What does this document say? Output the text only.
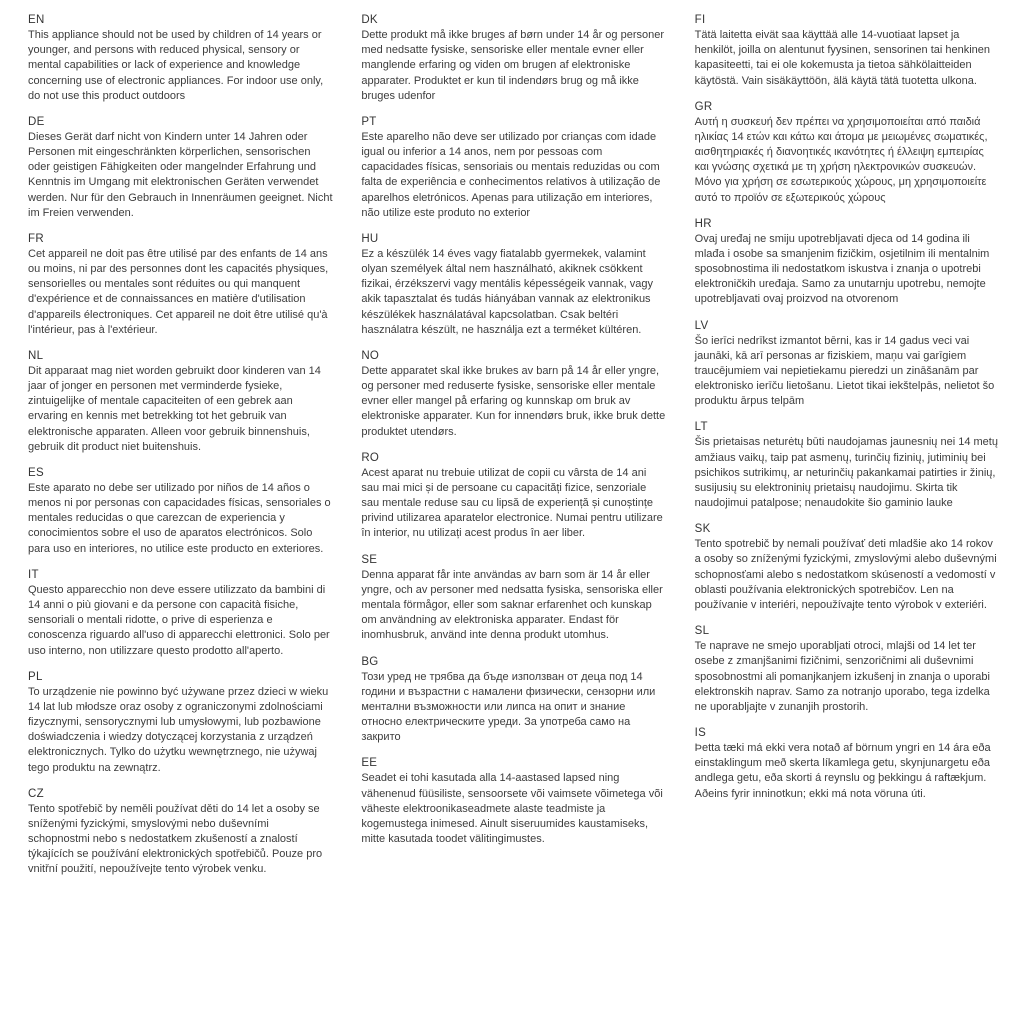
EN

This appliance should not be used by children of 14 years or younger, and persons with reduced physical, sensory or mental capabilities or lack of experience and knowledge concerning use of electronic appliances. For indoor use only, do not use this product outdoors

DE

Dieses Gerät darf nicht von Kindern unter 14 Jahren oder Personen mit eingeschränkten körperlichen, sensorischen oder geistigen Fähigkeiten oder mangelnder Erfahrung und Kenntnis im Umgang mit elektronischen Geräten verwendet werden. Nur für den Gebrauch in Innenräumen geeignet. Nicht im Freien verwenden.

FR

Cet appareil ne doit pas être utilisé par des enfants de 14 ans ou moins, ni par des personnes dont les capacités physiques, sensorielles ou mentales sont réduites ou qui manquent d'expérience et de connaissances en matière d'utilisation d'appareils électroniques. Cet appareil ne doit être utilisé qu'à l'intérieur, pas à l'extérieur.

NL

Dit apparaat mag niet worden gebruikt door kinderen van 14 jaar of jonger en personen met verminderde fysieke, zintuigelijke of mentale capaciteiten of een gebrek aan ervaring en kennis met betrekking tot het gebruik van elektronische apparaten. Alleen voor gebruik binnenshuis, gebruik dit product niet buitenshuis.

ES

Este aparato no debe ser utilizado por niños de 14 años o menos ni por personas con capacidades físicas, sensoriales o mentales reducidas o que carezcan de experiencia y conocimientos sobre el uso de aparatos electrónicos. Solo para uso en interiores, no utilice este producto en exteriores.

IT

Questo apparecchio non deve essere utilizzato da bambini di 14 anni o più giovani e da persone con capacità fisiche, sensoriali o mentali ridotte, o prive di esperienza e conoscenza riguardo all'uso di apparecchi elettronici. Solo per uso interno, non utilizzare questo prodotto all'aperto.

PL

To urządzenie nie powinno być używane przez dzieci w wieku 14 lat lub młodsze oraz osoby z ograniczonymi zdolnościami fizycznymi, sensorycznymi lub umysłowymi, lub pozbawione doświadczenia i wiedzy dotyczącej korzystania z urządzeń elektronicznych. Tylko do użytku wewnętrznego, nie używaj tego produktu na zewnątrz.

CZ

Tento spotřebič by neměli používat děti do 14 let a osoby se sníženými fyzickými, smyslovými nebo duševními schopnostmi nebo s nedostatkem zkušeností a znalostí týkajících se používání elektronických spotřebičů. Pouze pro vnitřní použití, nepoužívejte tento výrobek venku.

DK

Dette produkt må ikke bruges af børn under 14 år og personer med nedsatte fysiske, sensoriske eller mentale evner eller manglende erfaring og viden om brugen af elektroniske apparater. Produktet er kun til indendørs brug og må ikke bruges udenfor

PT

Este aparelho não deve ser utilizado por crianças com idade igual ou inferior a 14 anos, nem por pessoas com capacidades físicas, sensoriais ou mentais reduzidas ou com falta de experiência e conhecimentos relativos à utilização de aparelhos eletrónicos. Apenas para utilização em interiores, não utilize este produto no exterior

HU

Ez a készülék 14 éves vagy fiatalabb gyermekek, valamint olyan személyek által nem használható, akiknek csökkent fizikai, érzékszervi vagy mentális képességeik vannak, vagy akik tapasztalat és tudás hiányában vannak az elektronikus készülékek használatával kapcsolatban. Csak beltéri használatra készült, ne használja ezt a terméket kültéren.

NO

Dette apparatet skal ikke brukes av barn på 14 år eller yngre, og personer med reduserte fysiske, sensoriske eller mentale evner eller mangel på erfaring og kunnskap om bruk av elektroniske apparater. Kun for innendørs bruk, ikke bruk dette produktet utendørs.

RO

Acest aparat nu trebuie utilizat de copii cu vârsta de 14 ani sau mai mici și de persoane cu capacități fizice, senzoriale sau mentale reduse sau cu lipsă de experiență și cunoștințe privind utilizarea aparatelor electronice. Numai pentru utilizare în interior, nu utilizați acest produs în aer liber.

SE

Denna apparat får inte användas av barn som är 14 år eller yngre, och av personer med nedsatta fysiska, sensoriska eller mentala förmågor, eller som saknar erfarenhet och kunskap om användning av elektroniska apparater. Endast för inomhusbruk, använd inte denna produkt utomhus.

BG

Този уред не трябва да бъде използван от деца под 14 години и възрастни с намалени физически, сензорни или ментални възможности или липса на опит и знание относно електрическите уреди. За употреба само на закрито

EE

Seadet ei tohi kasutada alla 14-aastased lapsed ning vähenenud füüsiliste, sensoorsete või vaimsete võimetega või väheste elektroonikaseadmete alaste teadmiste ja kogemustega inimesed. Ainult siseruumides kaustamiseks, mitte kasutada toodet välitingimustes.

FI

Tätä laitetta eivät saa käyttää alle 14-vuotiaat lapset ja henkilöt, joilla on alentunut fyysinen, sensorinen tai henkinen kapasiteetti, tai ei ole kokemusta ja tietoa sähkölaitteiden käytöstä. Vain sisäkäyttöön, älä käytä tätä tuotetta ulkona.

GR

Αυτή η συσκευή δεν πρέπει να χρησιμοποιείται από παιδιά ηλικίας 14 ετών και κάτω και άτομα με μειωμένες σωματικές, αισθητηριακές ή διανοητικές ικανότητες ή έλλειψη εμπειρίας και γνώσης σχετικά με τη χρήση ηλεκτρονικών συσκευών. Μόνο για χρήση σε εσωτερικούς χώρους, μη χρησιμοποιείτε αυτό το προϊόν σε εξωτερικούς χώρους

HR

Ovaj uređaj ne smiju upotrebljavati djeca od 14 godina ili mlađa i osobe sa smanjenim fizičkim, osjetilnim ili mentalnim sposobnostima ili nedostatkom iskustva i znanja o upotrebi elektroničkih uređaja. Samo za unutarnju upotrebu, nemojte upotrebljavati ovaj proizvod na otvorenom

LV

Šo ierīci nedrīkst izmantot bērni, kas ir 14 gadus veci vai jaunāki, kā arī personas ar fiziskiem, maņu vai garīgiem traucējumiem vai nepietiekamu pieredzi un zināšanām par elektronisko ierīču lietošanu. Lietot tikai iekštelpās, nelietot šo produktu ārpus telpām

LT

Šis prietaisas neturėtų būti naudojamas jaunesnių nei 14 metų amžiaus vaikų, taip pat asmenų, turinčių fizinių, jutiminių bei psichikos sutrikimų, ar neturinčių pakankamai patirties ir žinių, susijusių su elektroninių prietaisų naudojimu. Skirta tik naudojimui patalpose; nenaudokite šio gaminio lauke

SK

Tento spotrebič by nemali používať deti mladšie ako 14 rokov a osoby so zníženými fyzickými, zmyslovými alebo duševnými schopnosťami alebo s nedostatkom skúseností a vedomostí v oblasti používania elektronických spotrebičov. Len na používanie v interiéri, nepoužívajte tento výrobok v exteriéri.

SL

Te naprave ne smejo uporabljati otroci, mlajši od 14 let ter osebe z zmanjšanimi fizičnimi, senzoričnimi ali duševnimi sposobnostmi ali pomanjkanjem izkušenj in znanja o uporabi elektronskih naprav. Samo za notranjo uporabo, tega izdelka ne uporabljajte v zunanjih prostorih.

IS

Þetta tæki má ekki vera notað af börnum yngri en 14 ára eða einstaklingum með skerta líkamlega getu, skynjunargetu eða andlega getu, eða skorti á reynslu og þekkingu á raftækjum. Aðeins fyrir inninotkun; ekki má nota vöruna úti.
